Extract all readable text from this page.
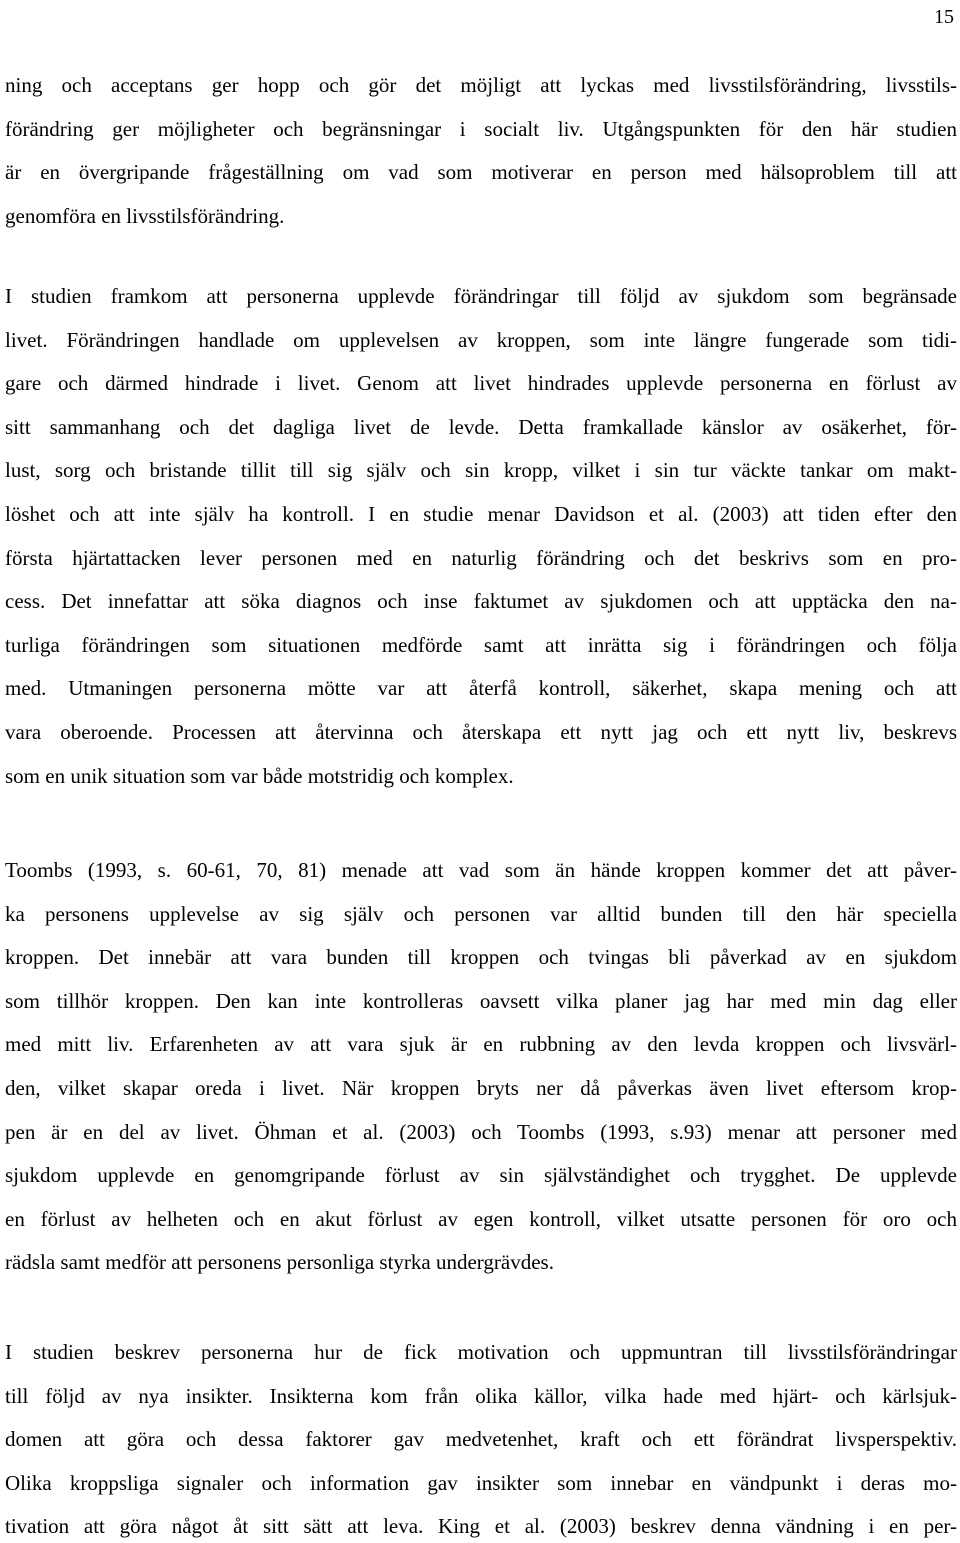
15
ning och acceptans ger hopp och gör det möjligt att lyckas med livsstilsförändring, livsstils-
förändring ger möjligheter och begränsningar i socialt liv. Utgångspunkten för den här studien
är en övergripande frågeställning om vad som motiverar en person med hälsoproblem till att
genomföra en livsstilsförändring.
I studien framkom att personerna upplevde förändringar till följd av sjukdom som begränsade
livet. Förändringen handlade om upplevelsen av kroppen, som inte längre fungerade som tidi-
gare och därmed hindrade i livet. Genom att livet hindrades upplevde personerna en förlust av
sitt sammanhang och det dagliga livet de levde. Detta framkallade känslor av osäkerhet, för-
lust, sorg och bristande tillit till sig själv och sin kropp, vilket i sin tur väckte tankar om makt-
löshet och att inte själv ha kontroll. I en studie menar Davidson et al. (2003) att tiden efter den
första hjärtattacken lever personen med en naturlig förändring och det beskrivs som en pro-
cess. Det innefattar att söka diagnos och inse faktumet av sjukdomen och att upptäcka den na-
turliga förändringen som situationen medförde samt att inrätta sig i förändringen och följa
med. Utmaningen personerna mötte var att återfå kontroll, säkerhet, skapa mening och att
vara oberoende. Processen att återvinna och återskapa ett nytt jag och ett nytt liv, beskrevs
som en unik situation som var både motstridig och komplex.
Toombs (1993, s. 60-61, 70, 81) menade att vad som än hände kroppen kommer det att påver-
ka personens upplevelse av sig själv och personen var alltid bunden till den här speciella
kroppen. Det innebär att vara bunden till kroppen och tvingas bli påverkad av en sjukdom
som tillhör kroppen. Den kan inte kontrolleras oavsett vilka planer jag har med min dag eller
med mitt liv. Erfarenheten av att vara sjuk är en rubbning av den levda kroppen och livsvärl-
den, vilket skapar oreda i livet. När kroppen bryts ner då påverkas även livet eftersom krop-
pen är en del av livet. Öhman et al. (2003) och Toombs (1993, s.93) menar att personer med
sjukdom upplevde en genomgripande förlust av sin självständighet och trygghet. De upplevde
en förlust av helheten och en akut förlust av egen kontroll, vilket utsatte personen för oro och
rädsla samt medför att personens personliga styrka undergrävdes.
I studien beskrev personerna hur de fick motivation och uppmuntran till livsstilsförändringar
till följd av nya insikter. Insikterna kom från olika källor, vilka hade med hjärt- och kärlsjuk-
domen att göra och dessa faktorer gav medvetenhet, kraft och ett förändrat livsperspektiv.
Olika kroppsliga signaler och information gav insikter som innebar en vändpunkt i deras mo-
tivation att göra något åt sitt sätt att leva. King et al. (2003) beskrev denna vändning i en per-
